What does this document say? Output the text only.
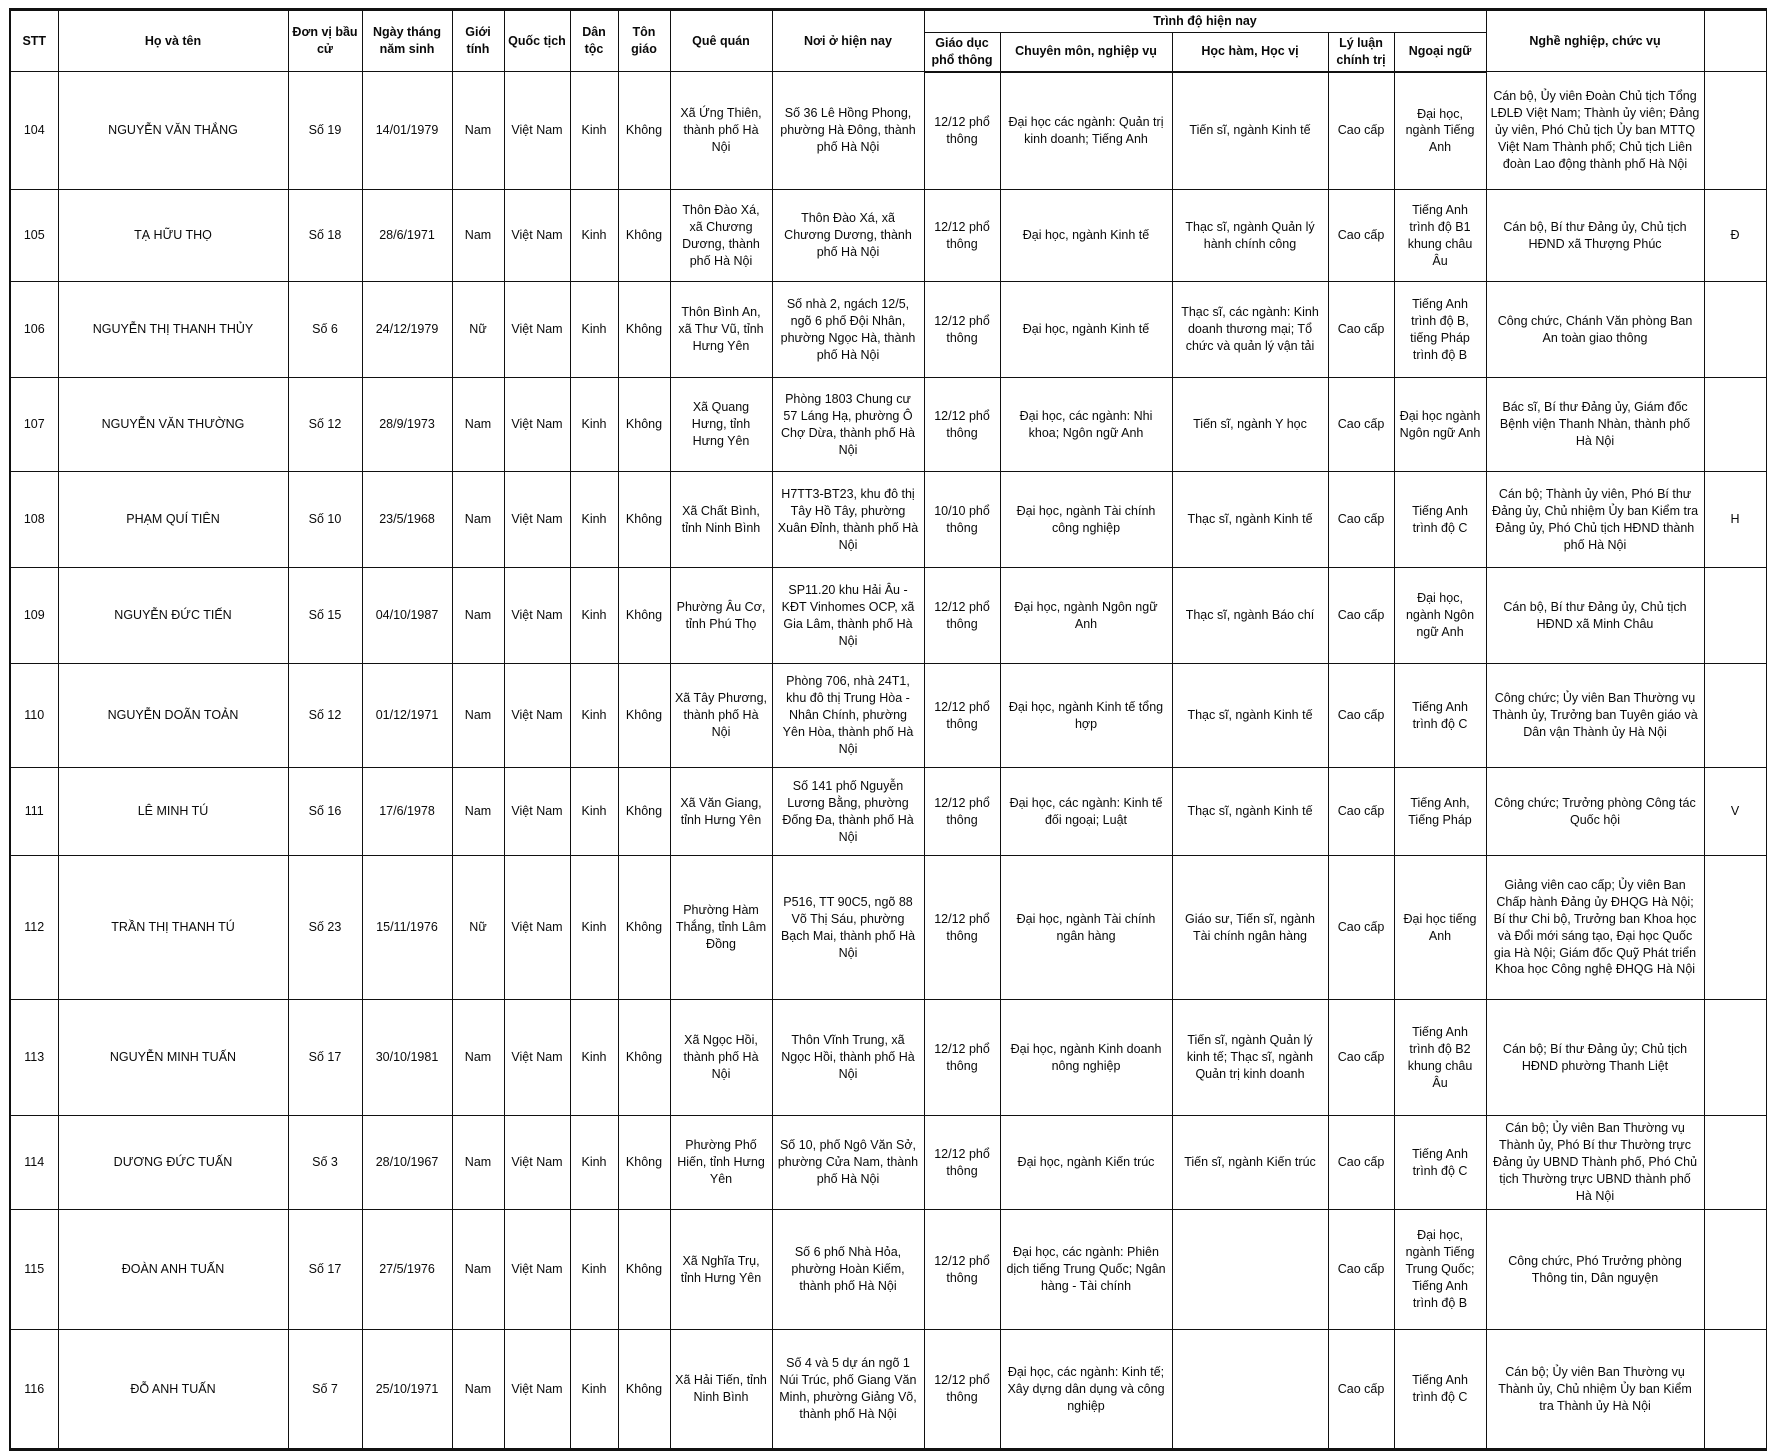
STT	Họ và tên	Đơn vị bầu cử	Ngày tháng năm sinh	Giới tính	Quốc tịch	Dân tộc	Tôn giáo	Quê quán	Nơi ở hiện nay	Trình độ hiện nay					Nghề nghiệp, chức vụ	
										Giáo dục phổ thông	Chuyên môn, nghiệp vụ	Học hàm, Học vị	Lý luận chính trị	Ngoại ngữ		
104	NGUYỄN VĂN THẮNG	Số 19	14/01/1979	Nam	Việt Nam	Kinh	Không	Xã Ứng Thiên, thành phố Hà Nội	Số 36 Lê Hồng Phong, phường Hà Đông, thành phố Hà Nội	12/12 phổ thông	Đại học các ngành: Quản trị kinh doanh; Tiếng Anh	Tiến sĩ, ngành Kinh tế	Cao cấp	Đại học, ngành Tiếng Anh	Cán bộ, Ủy viên Đoàn Chủ tịch Tổng LĐLĐ Việt Nam; Thành ủy viên; Đảng ủy viên, Phó Chủ tịch Ủy ban MTTQ Việt Nam Thành phố; Chủ tịch Liên đoàn Lao động thành phố Hà Nội	
105	TẠ HỮU THỌ	Số 18	28/6/1971	Nam	Việt Nam	Kinh	Không	Thôn Đào Xá, xã Chương Dương, thành phố Hà Nội	Thôn Đào Xá, xã Chương Dương, thành phố Hà Nội	12/12 phổ thông	Đại học, ngành Kinh tế	Thạc sĩ, ngành Quản lý hành chính công	Cao cấp	Tiếng Anh trình độ B1 khung châu Âu	Cán bộ, Bí thư Đảng ủy, Chủ tịch HĐND xã Thượng Phúc	Đ
106	NGUYỄN THỊ THANH THỦY	Số 6	24/12/1979	Nữ	Việt Nam	Kinh	Không	Thôn Bình An, xã Thư Vũ, tỉnh Hưng Yên	Số nhà 2, ngách 12/5, ngõ 6 phố Đội Nhân, phường Ngọc Hà, thành phố Hà Nội	12/12 phổ thông	Đại học, ngành Kinh tế	Thạc sĩ, các ngành: Kinh doanh thương mại; Tổ chức và quản lý vận tải	Cao cấp	Tiếng Anh trình độ B, tiếng Pháp trình độ B	Công chức, Chánh Văn phòng Ban An toàn giao thông	
107	NGUYỄN VĂN THƯỜNG	Số 12	28/9/1973	Nam	Việt Nam	Kinh	Không	Xã Quang Hưng, tỉnh Hưng Yên	Phòng 1803 Chung cư 57 Láng Hạ, phường Ô Chợ Dừa, thành phố Hà Nội	12/12 phổ thông	Đại học, các ngành: Nhi khoa; Ngôn ngữ Anh	Tiến sĩ, ngành Y học	Cao cấp	Đại học ngành Ngôn ngữ Anh	Bác sĩ, Bí thư Đảng ủy, Giám đốc Bệnh viện Thanh Nhàn, thành phố Hà Nội	
108	PHẠM QUÍ TIÊN	Số 10	23/5/1968	Nam	Việt Nam	Kinh	Không	Xã Chất Bình, tỉnh Ninh Bình	H7TT3-BT23, khu đô thị Tây Hồ Tây, phường Xuân Đỉnh, thành phố Hà Nội	10/10 phổ thông	Đại học, ngành Tài chính công nghiệp	Thạc sĩ, ngành Kinh tế	Cao cấp	Tiếng Anh trình độ C	Cán bộ; Thành ủy viên, Phó Bí thư Đảng ủy, Chủ nhiệm Ủy ban Kiểm tra Đảng ủy, Phó Chủ tịch HĐND thành phố Hà Nội	H
109	NGUYỄN ĐỨC TIẾN	Số 15	04/10/1987	Nam	Việt Nam	Kinh	Không	Phường Âu Cơ, tỉnh Phú Thọ	SP11.20 khu Hải Âu - KĐT Vinhomes OCP, xã Gia Lâm, thành phố Hà Nội	12/12 phổ thông	Đại học, ngành Ngôn ngữ Anh	Thạc sĩ, ngành Báo chí	Cao cấp	Đại học, ngành Ngôn ngữ Anh	Cán bộ, Bí thư Đảng ủy, Chủ tịch HĐND xã Minh Châu	
110	NGUYỄN DOÃN TOẢN	Số 12	01/12/1971	Nam	Việt Nam	Kinh	Không	Xã Tây Phương, thành phố Hà Nội	Phòng 706, nhà 24T1, khu đô thị Trung Hòa - Nhân Chính, phường Yên Hòa, thành phố Hà Nội	12/12 phổ thông	Đại học, ngành Kinh tế tổng hợp	Thạc sĩ, ngành Kinh tế	Cao cấp	Tiếng Anh trình độ C	Công chức; Ủy viên Ban Thường vụ Thành ủy, Trưởng ban Tuyên giáo và Dân vận Thành ủy Hà Nội	
111	LÊ MINH TÚ	Số 16	17/6/1978	Nam	Việt Nam	Kinh	Không	Xã Văn Giang, tỉnh Hưng Yên	Số 141 phố Nguyễn Lương Bằng, phường Đống Đa, thành phố Hà Nội	12/12 phổ thông	Đại học, các ngành: Kinh tế đối ngoại; Luật	Thạc sĩ, ngành Kinh tế	Cao cấp	Tiếng Anh, Tiếng Pháp	Công chức; Trưởng phòng Công tác Quốc hội	V
112	TRẦN THỊ THANH TÚ	Số 23	15/11/1976	Nữ	Việt Nam	Kinh	Không	Phường Hàm Thắng, tỉnh Lâm Đồng	P516, TT 90C5, ngõ 88 Võ Thị Sáu, phường Bạch Mai, thành phố Hà Nội	12/12 phổ thông	Đại học, ngành Tài chính ngân hàng	Giáo sư, Tiến sĩ, ngành Tài chính ngân hàng	Cao cấp	Đại học tiếng Anh	Giảng viên cao cấp; Ủy viên Ban Chấp hành Đảng ủy ĐHQG Hà Nội; Bí thư Chi bộ, Trưởng ban Khoa học và Đổi mới sáng tạo, Đại học Quốc gia Hà Nội; Giám đốc Quỹ Phát triển Khoa học Công nghệ ĐHQG Hà Nội	
113	NGUYỄN MINH TUẤN	Số 17	30/10/1981	Nam	Việt Nam	Kinh	Không	Xã Ngọc Hồi, thành phố Hà Nội	Thôn Vĩnh Trung, xã Ngọc Hồi, thành phố Hà Nội	12/12 phổ thông	Đại học, ngành Kinh doanh nông nghiệp	Tiến sĩ, ngành Quản lý kinh tế; Thạc sĩ, ngành Quản trị kinh doanh	Cao cấp	Tiếng Anh trình độ B2 khung châu Âu	Cán bộ; Bí thư Đảng ủy; Chủ tịch HĐND phường Thanh Liệt	
114	DƯƠNG ĐỨC TUẤN	Số 3	28/10/1967	Nam	Việt Nam	Kinh	Không	Phường Phố Hiến, tỉnh Hưng Yên	Số 10, phố Ngô Văn Sở, phường Cửa Nam, thành phố Hà Nội	12/12 phổ thông	Đại học, ngành Kiến trúc	Tiến sĩ, ngành Kiến trúc	Cao cấp	Tiếng Anh trình độ C	Cán bộ; Ủy viên Ban Thường vụ Thành ủy, Phó Bí thư Thường trực Đảng ủy UBND Thành phố, Phó Chủ tịch Thường trực UBND thành phố Hà Nội	
115	ĐOÀN ANH TUẤN	Số 17	27/5/1976	Nam	Việt Nam	Kinh	Không	Xã Nghĩa Trụ, tỉnh Hưng Yên	Số 6 phố Nhà Hỏa, phường Hoàn Kiếm, thành phố Hà Nội	12/12 phổ thông	Đại học, các ngành: Phiên dịch tiếng Trung Quốc; Ngân hàng - Tài chính		Cao cấp	Đại học, ngành Tiếng Trung Quốc; Tiếng Anh trình độ B	Công chức, Phó Trưởng phòng Thông tin, Dân nguyện	
116	ĐỖ ANH TUẤN	Số 7	25/10/1971	Nam	Việt Nam	Kinh	Không	Xã Hải Tiến, tỉnh Ninh Bình	Số 4 và 5 dự án ngõ 1 Núi Trúc, phố Giang Văn Minh, phường Giảng Võ, thành phố Hà Nội	12/12 phổ thông	Đại học, các ngành: Kinh tế; Xây dựng dân dụng và công nghiệp		Cao cấp	Tiếng Anh trình độ C	Cán bộ; Ủy viên Ban Thường vụ Thành ủy, Chủ nhiệm Ủy ban Kiểm tra Thành ủy Hà Nội	
